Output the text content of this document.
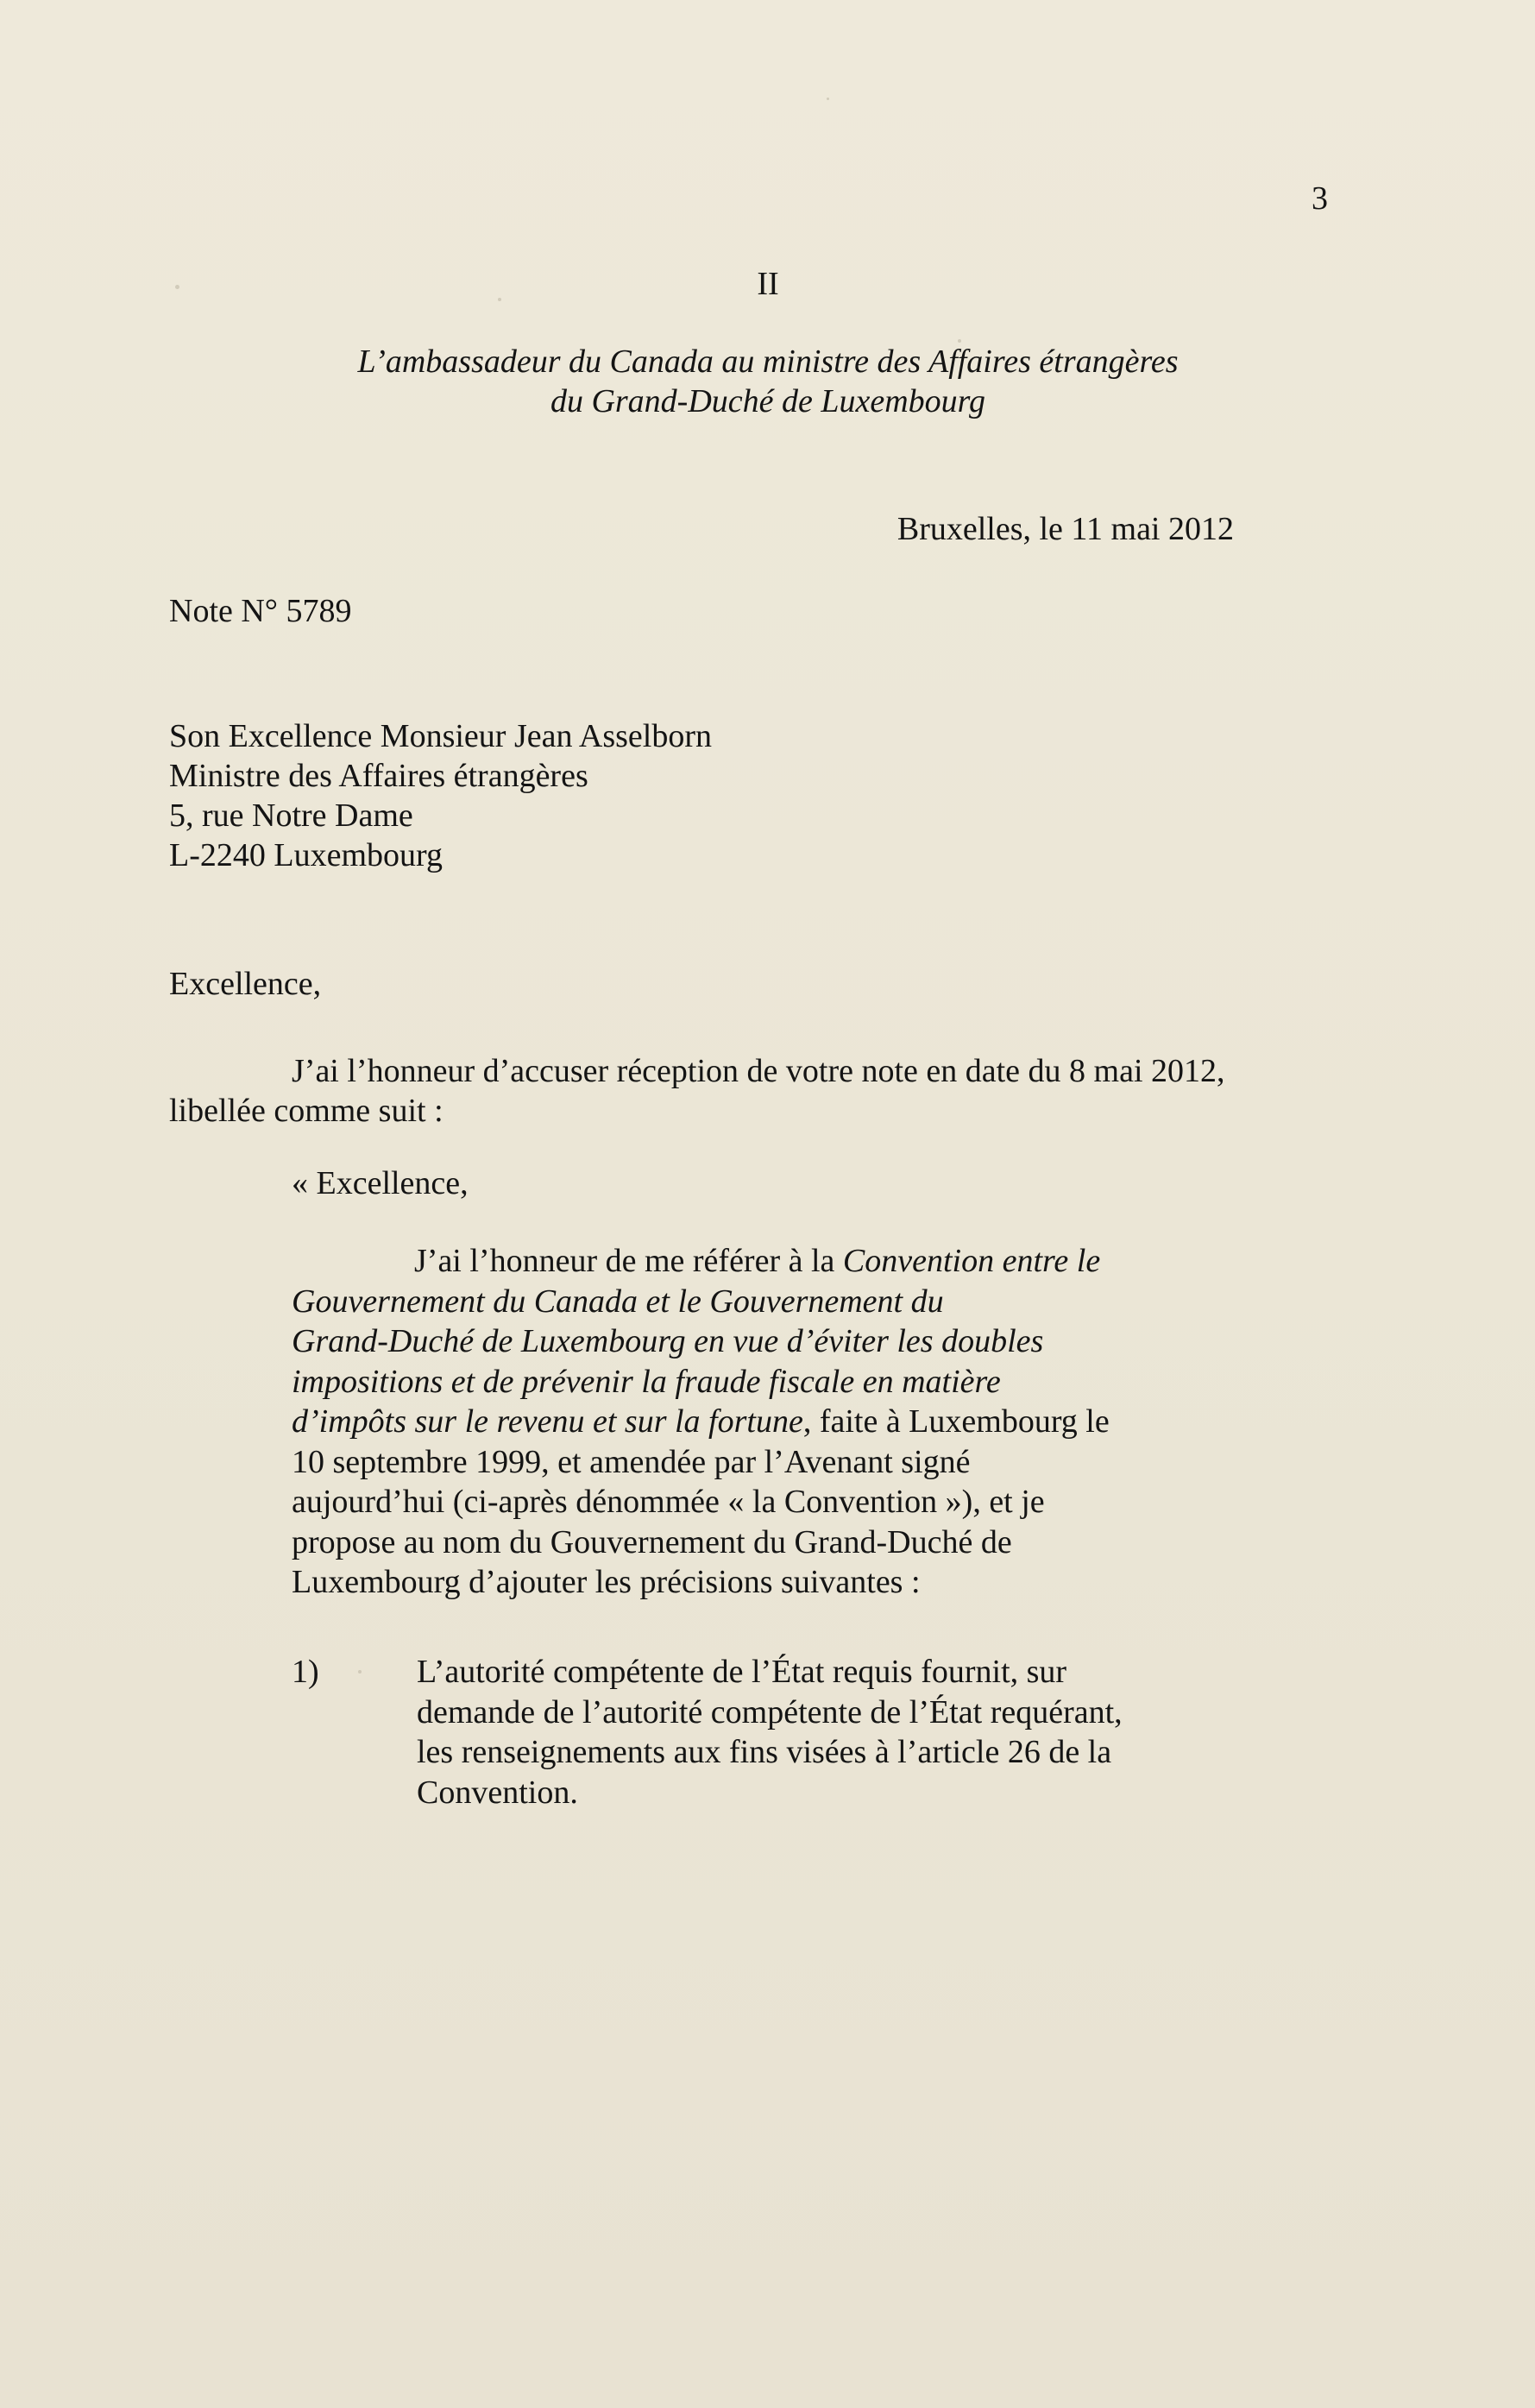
3
II
L’ambassadeur du Canada au ministre des Affaires étrangères
du Grand-Duché de Luxembourg
Bruxelles, le 11 mai 2012
Note N° 5789
Son Excellence Monsieur Jean Asselborn
Ministre des Affaires étrangères
5, rue Notre Dame
L-2240 Luxembourg
Excellence,
J’ai l’honneur d’accuser réception de votre note en date du 8 mai 2012,
libellée comme suit :
« Excellence,
J’ai l’honneur de me référer à la Convention entre le
Gouvernement du Canada et le Gouvernement du
Grand-Duché de Luxembourg en vue d’éviter les doubles
impositions et de prévenir la fraude fiscale en matière
d’impôts sur le revenu et sur la fortune, faite à Luxembourg le
10 septembre 1999, et amendée par l’Avenant signé
aujourd’hui (ci-après dénommée « la Convention »), et je
propose au nom du Gouvernement du Grand-Duché de
Luxembourg d’ajouter les précisions suivantes :
1)	L’autorité compétente de l’État requis fournit, sur
demande de l’autorité compétente de l’État requérant,
les renseignements aux fins visées à l’article 26 de la
Convention.
